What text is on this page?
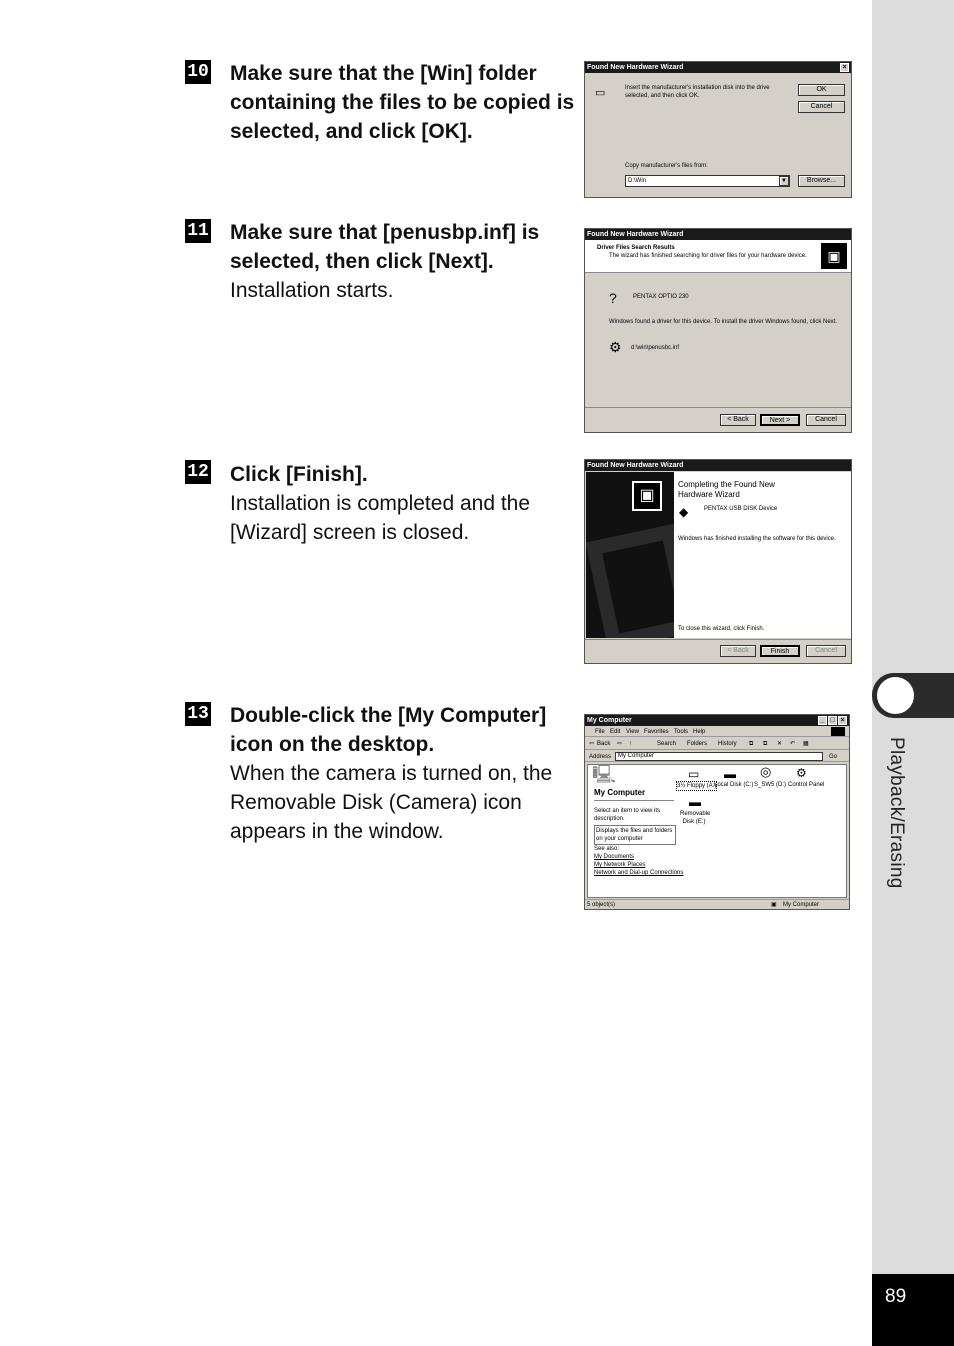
Playback/Erasing
89
10 Make sure that the [Win] folder containing the files to be copied is selected, and click [OK].
Found New Hardware Wizard	×
▭	Insert the manufacturer's installation disk into the drive selected, and then click OK.
OK
Cancel
Copy manufacturer's files from:
D:\Win	▼	Browse...
11 Make sure that [penusbp.inf] is selected, then click [Next].
Installation starts.
Found New Hardware Wizard
Driver Files Search Results
The wizard has finished searching for driver files for your hardware device.	▣
?	PENTAX OPTIO 230
Windows found a driver for this device. To install the driver Windows found, click Next.
⚙ d:\win\penusbc.inf
< Back	Next >	Cancel
12 Click [Finish].
Installation is completed and the [Wizard] screen is closed.
Found New Hardware Wizard
▣
Completing the Found New Hardware Wizard
◆	PENTAX USB DISK Device
Windows has finished installing the software for this device.
To close this wizard, click Finish.
< Back	Finish	Cancel
13 Double-click the [My Computer] icon on the desktop.
When the camera is turned on, the Removable Disk (Camera) icon appears in the window.
My Computer	_ □ ×
File Edit View Favorites Tools Help
⇦ Back ⇨ ↑	Search Folders History ⧉ ⧉ ✕ ↶ ▦
Address	My Computer	Go
🖳
My Computer
Select an item to view its description.
Displays the files and folders on your computer
See also:
My Documents
My Network Places
Network and Dial-up Connections
▭
3½ Floppy (A:)
▬
Local Disk (C:)
◎
S_SW5 (D:)
⚙
Control Panel
▬
Removable Disk (E:)
5 object(s)	▣ My Computer
